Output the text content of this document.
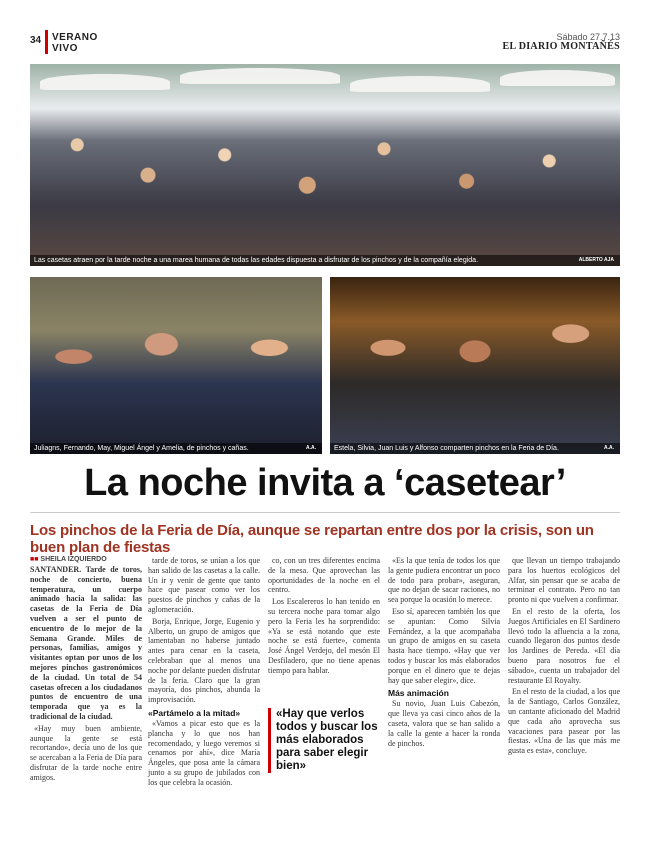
34 VERANO
VIVO
Sábado 27.7.13
EL DIARIO MONTAÑÉS
Las casetas atraen por la tarde noche a una marea humana de todas las edades dispuesta a disfrutar de los pinchos y de la compañía elegida.	ALBERTO AJA
Juliagns, Fernando, May, Miguel Ángel y Amelia, de pinchos y cañas.	A.A.	Estela, Silvia, Juan Luis y Alfonso comparten pinchos en la Feria de Día.	A.A.
La noche invita a ‘casetear’
Los pinchos de la Feria de Día, aunque se repartan entre dos por la crisis, son un buen plan de fiestas
■■ SHEILA IZQUIERDO

SANTANDER. Tarde de toros, noche de concierto, buena temperatura, un cuerpo animado hacia la salida: las casetas de la Feria de Día vuelven a ser el punto de encuentro de lo mejor de la Semana Grande. Miles de personas, familias, amigos y visitantes optan por unos de los mejores pinchos gastronómicos de la ciudad. Un total de 54 casetas ofrecen a los ciudadanos puntos de encuentro de una temporada que ya es la tradicional de la ciudad.

«Hay muy buen ambiente, aunque la gente se está recortando», decía uno de los que se acercaban a la Feria de Día para disfrutar de la tarde noche entre amigos.

tarde de toros, se unían a los que han salido de las casetas a la calle. Un ir y venir de gente que tanto hace que pasear como ver los puestos de pinchos y cañas de la aglomeración.

Borja, Enrique, Jorge, Eugenio y Alberto, un grupo de amigos que lamentaban no haberse juntado antes para cenar en la caseta, celebraban que al menos una noche por delante pueden disfrutar de la feria. Claro que la gran mayoría, dos pinchos, abunda la improvisación.

«Partámelo a la mitad»

«Vamos a picar esto que es la plancha y lo que nos han recomendado, y luego veremos si cenamos por ahí», dice María Ángeles, que posa ante la cámara junto a su grupo de jubilados con los que celebra la ocasión.

co, con un tres diferentes encima de la mesa. Que aprovechan las oportunidades de la noche en el centro.

Los Escalereros lo han tenido en su tercera noche para tomar algo pero la Feria les ha sorprendido: «Ya se está notando que este noche se está fuerte», comenta José Ángel Verdejo, del mesón El Desfiladero, que no tiene apenas tiempo para hablar.

«Hay que verlos todos y buscar los más elaborados para saber elegir bien»

«Es la que tenía de todos los que la gente pudiera encontrar un poco de todo para probar», aseguran, que no dejan de sacar raciones, no sea porque la ocasión lo merece.

Eso sí, aparecen también los que se apuntan: Como Silvia Fernández, a la que acompañaba un grupo de amigos en su caseta hasta hace tiempo. «Hay que ver todos y buscar los más elaborados porque en el dinero que te dejas hay que saber elegir», dice.

Más animación

Su novio, Juan Luis Cabezón, que lleva ya casi cinco años de la caseta, valora que se han salido a la calle la gente a hacer la ronda de pinchos.

que llevan un tiempo trabajando para los huertos ecológicos del Alfar, sin pensar que se acaba de terminar el contrato. Pero no tan pronto ni que vuelven a confirmar.

En el resto de la oferta, los Juegos Artificiales en El Sardinero llevó todo la afluencia a la zona, cuando llegaron dos puntos desde los Jardines de Pereda. «El día bueno para nosotros fue el sábado», cuenta un trabajador del restaurante El Royalty.

En el resto de la ciudad, a los que la de Santiago, Carlos González, un cantante aficionado del Madrid que cada año aprovecha sus vacaciones para pasear por las fiestas. «Una de las que más me gusta es esta», concluye.
